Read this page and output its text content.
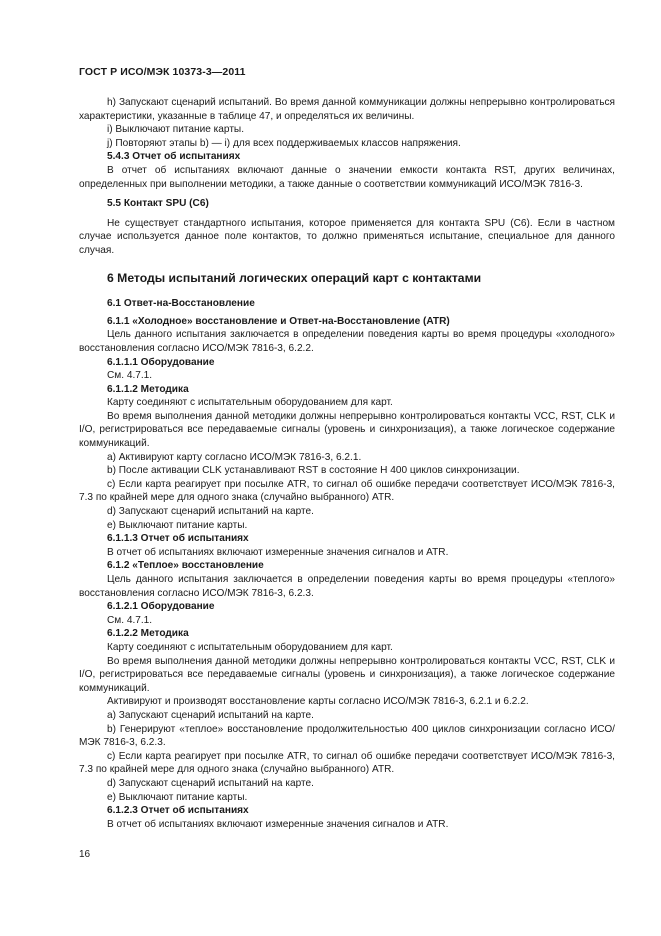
ГОСТ Р ИСО/МЭК 10373-3—2011

h) Запускают сценарий испытаний. Во время данной коммуникации должны непрерывно контролироваться характеристики, указанные в таблице 47, и определяться их величины.

i) Выключают питание карты.

j) Повторяют этапы b) — i) для всех поддерживаемых классов напряжения.

5.4.3 Отчет об испытаниях

В отчет об испытаниях включают данные о значении емкости контакта RST, других величинах, определенных при выполнении методики, а также данные о соответствии коммуникаций ИСО/МЭК 7816-3.

5.5 Контакт SPU (C6)

Не существует стандартного испытания, которое применяется для контакта SPU (C6). Если в частном случае используется данное поле контактов, то должно применяться испытание, специальное для данного случая.

6 Методы испытаний логических операций карт с контактами

6.1 Ответ-на-Восстановление

6.1.1 «Холодное» восстановление и Ответ-на-Восстановление (ATR)

Цель данного испытания заключается в определении поведения карты во время процедуры «холодного» восстановления согласно ИСО/МЭК 7816-3, 6.2.2.

6.1.1.1 Оборудование

См. 4.7.1.

6.1.1.2 Методика

Карту соединяют с испытательным оборудованием для карт.

Во время выполнения данной методики должны непрерывно контролироваться контакты VCC, RST, CLK и I/O, регистрироваться все передаваемые сигналы (уровень и синхронизация), а также логическое содержание коммуникаций.

a) Активируют карту согласно ИСО/МЭК 7816-3, 6.2.1.

b) После активации CLK устанавливают RST в состояние H 400 циклов синхронизации.

c) Если карта реагирует при посылке ATR, то сигнал об ошибке передачи соответствует ИСО/МЭК 7816-3, 7.3 по крайней мере для одного знака (случайно выбранного) ATR.

d) Запускают сценарий испытаний на карте.

e) Выключают питание карты.

6.1.1.3 Отчет об испытаниях

В отчет об испытаниях включают измеренные значения сигналов и ATR.

6.1.2 «Теплое» восстановление

Цель данного испытания заключается в определении поведения карты во время процедуры «теплого» восстановления согласно ИСО/МЭК 7816-3, 6.2.3.

6.1.2.1 Оборудование

См. 4.7.1.

6.1.2.2 Методика

Карту соединяют с испытательным оборудованием для карт.

Во время выполнения данной методики должны непрерывно контролироваться контакты VCC, RST, CLK и I/O, регистрироваться все передаваемые сигналы (уровень и синхронизация), а также логическое содержание коммуникаций.

Активируют и производят восстановление карты согласно ИСО/МЭК 7816-3, 6.2.1 и 6.2.2.

a) Запускают сценарий испытаний на карте.

b) Генерируют «теплое» восстановление продолжительностью 400 циклов синхронизации согласно ИСО/МЭК 7816-3, 6.2.3.

c) Если карта реагирует при посылке ATR, то сигнал об ошибке передачи соответствует ИСО/МЭК 7816-3, 7.3 по крайней мере для одного знака (случайно выбранного) ATR.

d) Запускают сценарий испытаний на карте.

e) Выключают питание карты.

6.1.2.3 Отчет об испытаниях

В отчет об испытаниях включают измеренные значения сигналов и ATR.

16
